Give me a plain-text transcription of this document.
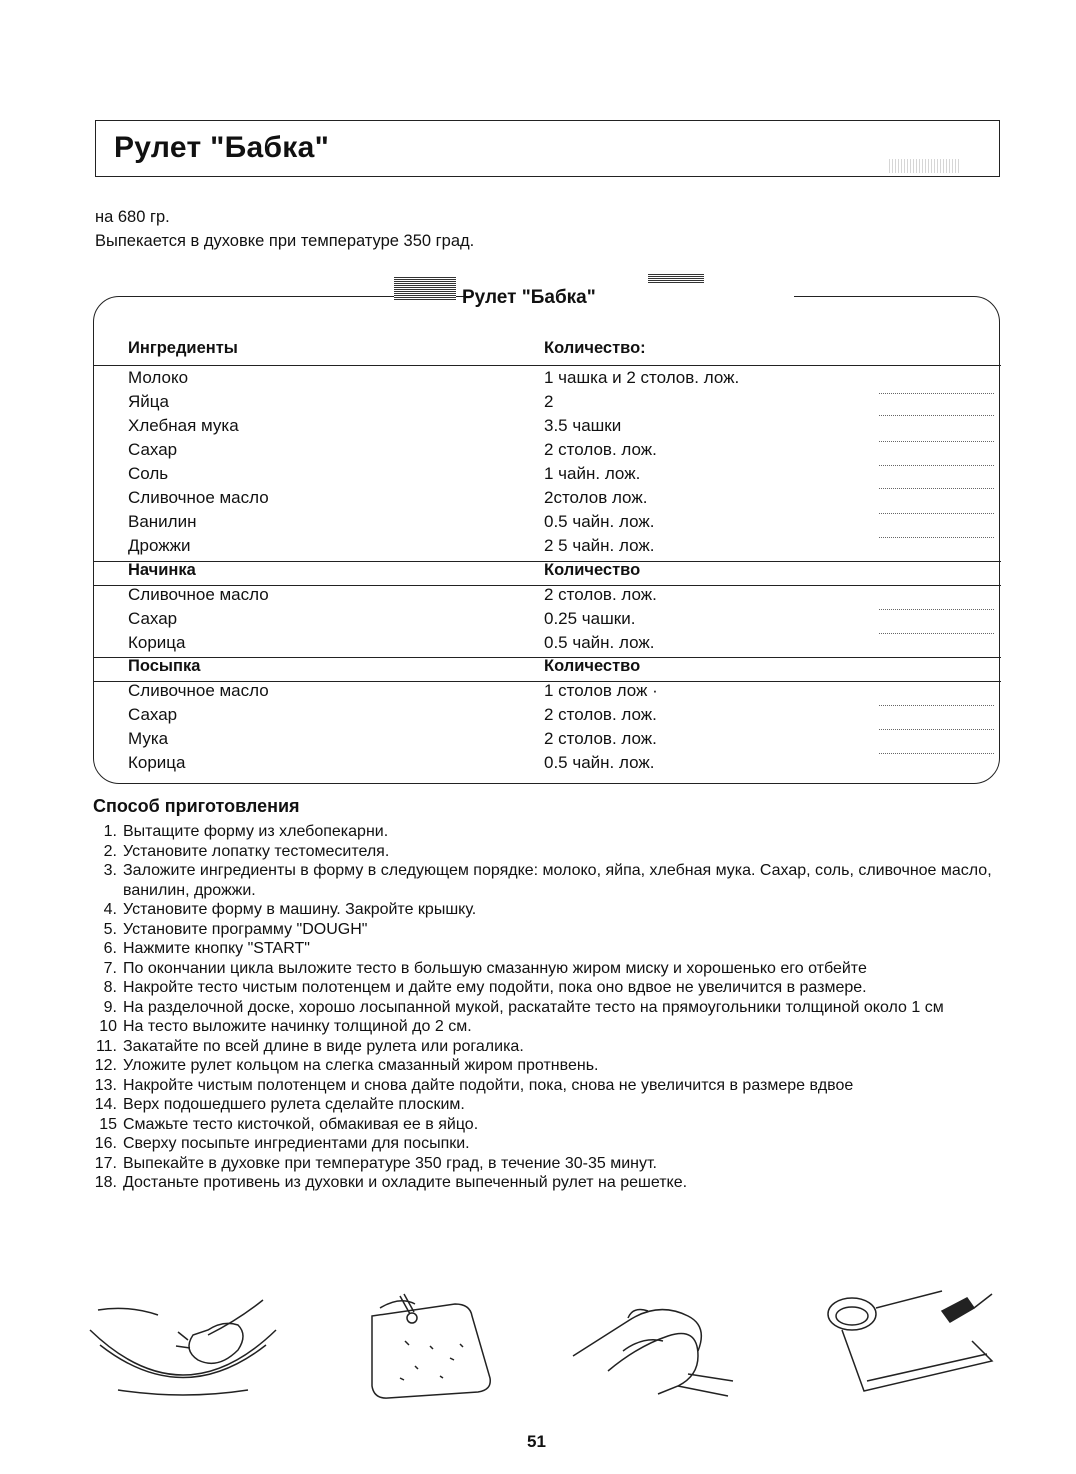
Рулет "Бабка"
на 680 гр.
Выпекается в духовке при температуре 350 град.
Ингредиенты	Количество:
Молоко	1 чашка и 2 столов. лож.
Яйца	2
Хлебная мука	3.5 чашки
Сахар	2 столов. лож.
Соль	1 чайн. лож.
Сливочное масло	2столов лож.
Ванилин	0.5 чайн. лож.
Дрожжи	2 5 чайн. лож.
Начинка	Количество
Сливочное масло	2 столов. лож.
Сахар	0.25 чашки.
Корица	0.5 чайн. лож.
Посыпка	Количество
Сливочное масло	1 столов лож ·
Сахар	2 столов. лож.
Мука	2 столов. лож.
Корица	0.5 чайн. лож.
Рулет "Бабка"
Способ приготовления
1. Вытащите форму из хлебопекарни.
2. Установите лопатку тестомесителя.
3. Заложите ингредиенты в форму в следующем порядке: молоко, яйпа, хлебная мука. Сахар, соль, сливочное масло, ванилин, дрожжи.
4. Установите форму в машину. Закройте крышку.
5. Установите программу "DOUGH"
6. Нажмите кнопку "START"
7. По окончании цикла выложите тесто в большую смазанную жиром миску и хорошенько его отбейте
8. Накройте тесто чистым полотенцем и дайте ему подойти, пока оно вдвое не увеличится в размере.
9. На разделочной доске, хорошо лосыпанной мукой, раскатайте тесто на прямоугольники толщиной около 1 см
10 На тесто выложите начинку толщиной до 2 см.
11. Закатайте по всей длине в виде рулета или рогалика.
12. Уложите рулет кольцом на слегка смазанный жиром протнвень.
13. Накройте чистым полотенцем и снова дайте подойти, пока, снова не увеличится в размере вдвое
14. Верх подошедшего рулета сделайте плоским.
15 Смажьте тесто кисточкой, обмакивая ее в яйцо.
16. Сверху посыпьте ингредиентами для посыпки.
17. Выпекайте в духовке при температуре 350 град, в течение 30-35 минут.
18. Достаньте противень из духовки и охладите выпеченный рулет на решетке.
51
